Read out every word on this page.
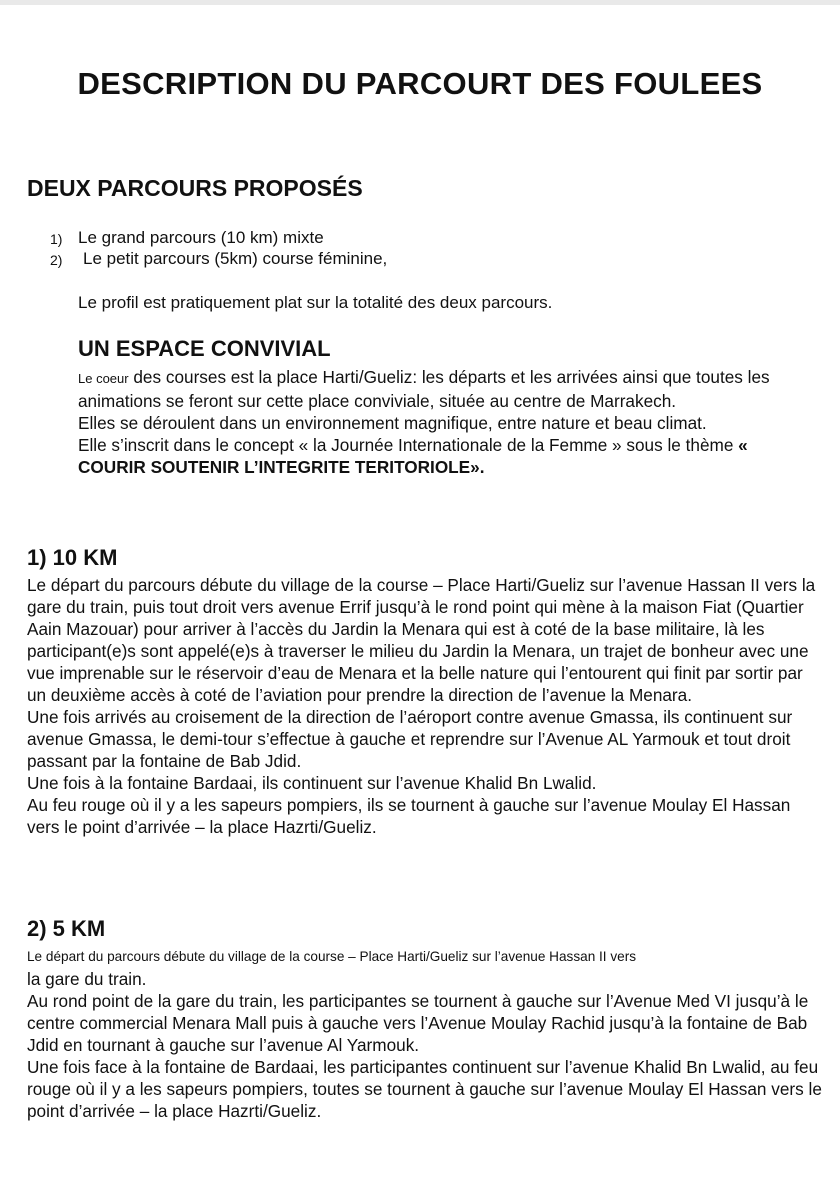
DESCRIPTION DU PARCOURT DES FOULEES
DEUX PARCOURS PROPOSÉS
1) Le grand parcours (10 km) mixte
2)	Le petit parcours (5km) course féminine,
Le profil est pratiquement plat sur la totalité des deux parcours.
UN ESPACE CONVIVIAL

Le coeur des courses est la place Harti/Gueliz: les départs et les arrivées ainsi que toutes les animations se feront sur cette place conviviale, située au centre de Marrakech.

Elles se déroulent dans un environnement magnifique, entre nature et beau climat.

Elle s’inscrit dans le concept « la Journée Internationale de la Femme » sous le thème « COURIR SOUTENIR L’INTEGRITE TERITORIOLE».

1) 10 KM

Le départ du parcours débute du village de la course – Place Harti/Gueliz sur l’avenue Hassan II vers la gare du train, puis tout droit vers avenue Errif jusqu’à le rond point qui mène à la maison Fiat (Quartier Aain Mazouar) pour arriver à l’accès du Jardin la Menara qui est à coté de la base militaire, là les participant(e)s sont appelé(e)s à traverser le milieu du Jardin la Menara, un trajet de bonheur avec une vue imprenable sur le réservoir d’eau de Menara et la belle nature qui l’entourent qui finit par sortir par un deuxième accès à coté de l’aviation pour prendre la direction de l’avenue la Menara.

Une fois arrivés au croisement de la direction de l’aéroport contre avenue Gmassa, ils continuent sur avenue Gmassa, le demi-tour s’effectue à gauche et reprendre sur l’Avenue AL Yarmouk et tout droit passant par la fontaine de Bab Jdid.

Une fois à la fontaine Bardaai, ils continuent sur l’avenue Khalid Bn Lwalid.

Au feu rouge où il y a les sapeurs pompiers, ils se tournent à gauche sur l’avenue Moulay El Hassan vers le point d’arrivée – la place Hazrti/Gueliz.

2) 5 KM

Le départ du parcours débute du village de la course – Place Harti/Gueliz sur l’avenue Hassan II vers

la gare du train.

Au rond point de la gare du train, les participantes se tournent à gauche sur l’Avenue Med VI jusqu’à le centre commercial Menara Mall puis à gauche vers l’Avenue Moulay Rachid jusqu’à la fontaine de Bab Jdid en tournant à gauche sur l’avenue Al Yarmouk.

Une fois face à la fontaine de Bardaai, les participantes continuent sur l’avenue Khalid Bn Lwalid, au feu rouge où il y a les sapeurs pompiers, toutes se tournent à gauche sur l’avenue Moulay El Hassan vers le point d’arrivée – la place Hazrti/Gueliz.
